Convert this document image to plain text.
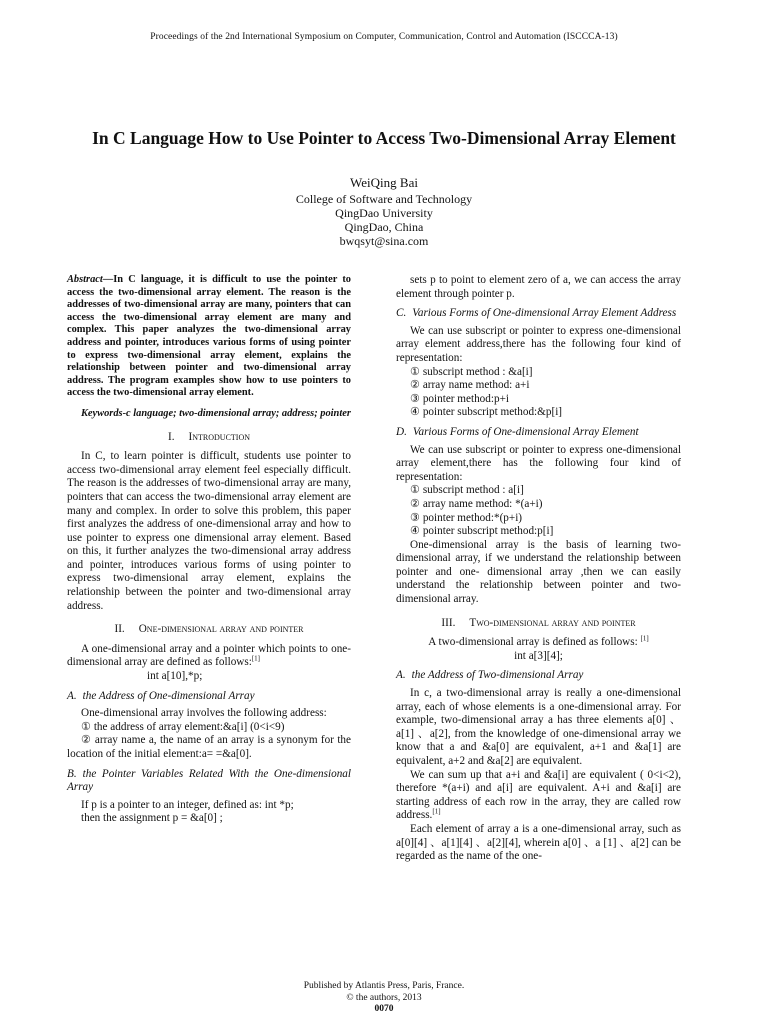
Proceedings of the 2nd International Symposium on Computer, Communication, Control and Automation (ISCCCA-13)
In C Language How to Use Pointer to Access Two-Dimensional Array Element
WeiQing Bai
College of Software and Technology
QingDao University
QingDao, China
bwqsyt@sina.com

Abstract—In C language, it is difficult to use the pointer to access the two-dimensional array element. The reason is the addresses of two-dimensional array are many, pointers that can access the two-dimensional array element are many and complex. This paper analyzes the two-dimensional array address and pointer, introduces various forms of using pointer to express two-dimensional array element, explains the relationship between pointer and two-dimensional array address. The program examples show how to use pointers to access the two-dimensional array element.

Keywords-c language; two-dimensional array; address; pointer

I. Introduction

In C, to learn pointer is difficult, students use pointer to access two-dimensional array element feel especially difficult. The reason is the addresses of two-dimensional array are many, pointers that can access the two-dimensional array element are many and complex. In order to solve this problem, this paper first analyzes the address of one-dimensional array and how to use pointer to express one dimensional array element. Based on this, it further analyzes the two-dimensional array address and pointer, introduces various forms of using pointer to express two-dimensional array element, explains the relationship between the pointer and two-dimensional array address.

II. One-dimensional array and pointer

A one-dimensional array and a pointer which points to one-dimensional array are defined as follows:[1]

int a[10],*p;

A. the Address of One-dimensional Array

One-dimensional array involves the following address:

① the address of array element:&a[i] (0<i<9)

② array name a, the name of an array is a synonym for the location of the initial element:a= =&a[0].

B. the Pointer Variables Related With the One-dimensional Array

If p is a pointer to an integer, defined as: int *p;

then the assignment p = &a[0] ;

sets p to point to element zero of a, we can access the array element through pointer p.

C. Various Forms of One-dimensional Array Element Address

We can use subscript or pointer to express one-dimensional array element address,there has the following four kind of representation:

① subscript method : &a[i]

② array name method: a+i

③ pointer method:p+i

④ pointer subscript method:&p[i]

D. Various Forms of One-dimensional Array Element

We can use subscript or pointer to express one-dimensional array element,there has the following four kind of representation:

① subscript method : a[i]

② array name method: *(a+i)

③ pointer method:*(p+i)

④ pointer subscript method:p[i]

One-dimensional array is the basis of learning two-dimensional array, if we understand the relationship between pointer and one- dimensional array ,then we can easily understand the relationship between pointer and two- dimensional array.

III. Two-dimensional array and pointer

A two-dimensional array is defined as follows: [1]

int a[3][4];

A. the Address of Two-dimensional Array

In c, a two-dimensional array is really a one-dimensional array, each of whose elements is a one-dimensional array. For example, two-dimensional array a has three elements a[0] 、a[1] 、a[2], from the knowledge of one-dimensional array we know that a and &a[0] are equivalent, a+1 and &a[1] are equivalent, a+2 and &a[2] are equivalent.

We can sum up that a+i and &a[i] are equivalent ( 0<i<2), therefore *(a+i) and a[i] are equivalent. A+i and &a[i] are starting address of each row in the array, they are called row address.[1]

Each element of array a is a one-dimensional array, such as a[0][4] 、a[1][4] 、a[2][4], wherein a[0] 、a [1] 、a[2] can be regarded as the name of the one-

Published by Atlantis Press, Paris, France.
© the authors, 2013
0070
